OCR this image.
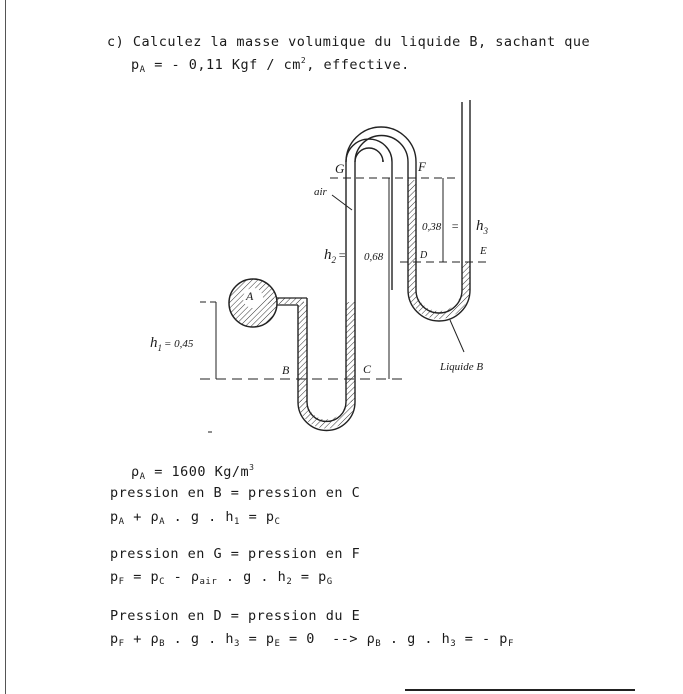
c) Calculez la masse volumique du liquide B, sachant que
$p_A$ = - 0,11 Kgf / $cm^2$, effective.
G	F
air
$h_2$ = 0,68
$0,38 = h_3$
D	E
A
$h_1$ $^{= 0,45}$
B	C	Liquide B
$\rho_A = 1600$ $Kg/m^3$
pression en B = pression en C
$p_A + \rho_A$ . g . $h_1 = p_C$
pression en G = pression en F
$p_F = p_C - \rho_{air}$ . g . $h_2 = p_G$
Pression en D = pression du E
$p_F + \rho_B$ . g . $h_3 = p_E = 0$  --> $\rho_B$ . g . $h_3$ = - $p_F$
